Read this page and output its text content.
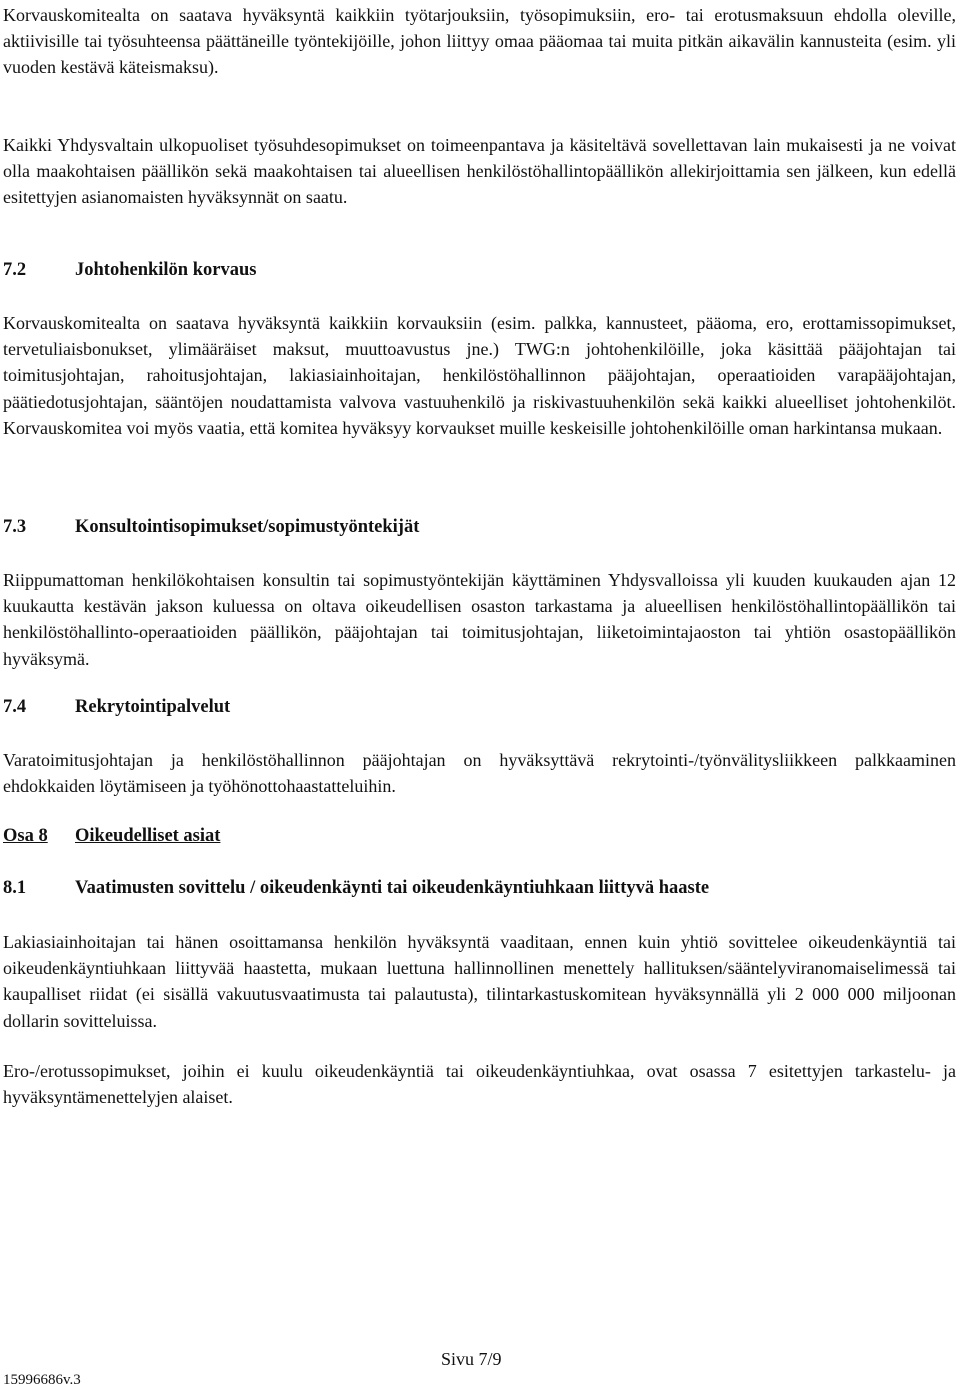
Korvauskomitealta on saatava hyväksyntä kaikkiin työtarjouksiin, työsopimuksiin, ero- tai erotusmaksuun ehdolla oleville, aktiivisille tai työsuhteensa päättäneille työntekijöille, johon liittyy omaa pääomaa tai muita pitkän aikavälin kannusteita (esim. yli vuoden kestävä käteismaksu).

Kaikki Yhdysvaltain ulkopuoliset työsuhdesopimukset on toimeenpantava ja käsiteltävä sovellettavan lain mukaisesti ja ne voivat olla maakohtaisen päällikön sekä maakohtaisen tai alueellisen henkilöstöhallintopäällikön allekirjoittamia sen jälkeen, kun edellä esitettyjen asianomaisten hyväksynnät on saatu.

7.2	Johtohenkilön korvaus

Korvauskomitealta on saatava hyväksyntä kaikkiin korvauksiin (esim. palkka, kannusteet, pääoma, ero, erottamissopimukset, tervetuliaisbonukset, ylimääräiset maksut, muuttoavustus jne.) TWG:n johtohenkilöille, joka käsittää pääjohtajan tai toimitusjohtajan, rahoitusjohtajan, lakiasiainhoitajan, henkilöstöhallinnon pääjohtajan, operaatioiden varapääjohtajan, päätiedotusjohtajan, sääntöjen noudattamista valvova vastuuhenkilö ja riskivastuuhenkilön sekä kaikki alueelliset johtohenkilöt. Korvauskomitea voi myös vaatia, että komitea hyväksyy korvaukset muille keskeisille johtohenkilöille oman harkintansa mukaan.

7.3	Konsultointisopimukset/sopimustyöntekijät

Riippumattoman henkilökohtaisen konsultin tai sopimustyöntekijän käyttäminen Yhdysvalloissa yli kuuden kuukauden ajan 12 kuukautta kestävän jakson kuluessa on oltava oikeudellisen osaston tarkastama ja alueellisen henkilöstöhallintopäällikön tai henkilöstöhallinto-operaatioiden päällikön, pääjohtajan tai toimitusjohtajan, liiketoimintajaoston tai yhtiön osastopäällikön hyväksymä.

7.4	Rekrytointipalvelut

Varatoimitusjohtajan ja henkilöstöhallinnon pääjohtajan on hyväksyttävä rekrytointi-/työnvälitysliikkeen palkkaaminen ehdokkaiden löytämiseen ja työhönottohaastatteluihin.

Osa 8 Oikeudelliset asiat
8.1	Vaatimusten sovittelu / oikeudenkäynti tai oikeudenkäyntiuhkaan liittyvä haaste

Lakiasiainhoitajan tai hänen osoittamansa henkilön hyväksyntä vaaditaan, ennen kuin yhtiö sovittelee oikeudenkäyntiä tai oikeudenkäyntiuhkaan liittyvää haastetta, mukaan luettuna hallinnollinen menettely hallituksen/sääntelyviranomaiselimessä tai kaupalliset riidat (ei sisällä vakuutusvaatimusta tai palautusta), tilintarkastuskomitean hyväksynnällä yli 2 000 000 miljoonan dollarin sovitteluissa.

Ero-/erotussopimukset, joihin ei kuulu oikeudenkäyntiä tai oikeudenkäyntiuhkaa, ovat osassa 7 esitettyjen tarkastelu- ja hyväksyntämenettelyjen alaiset.

Sivu 7/9

15996686v.3
